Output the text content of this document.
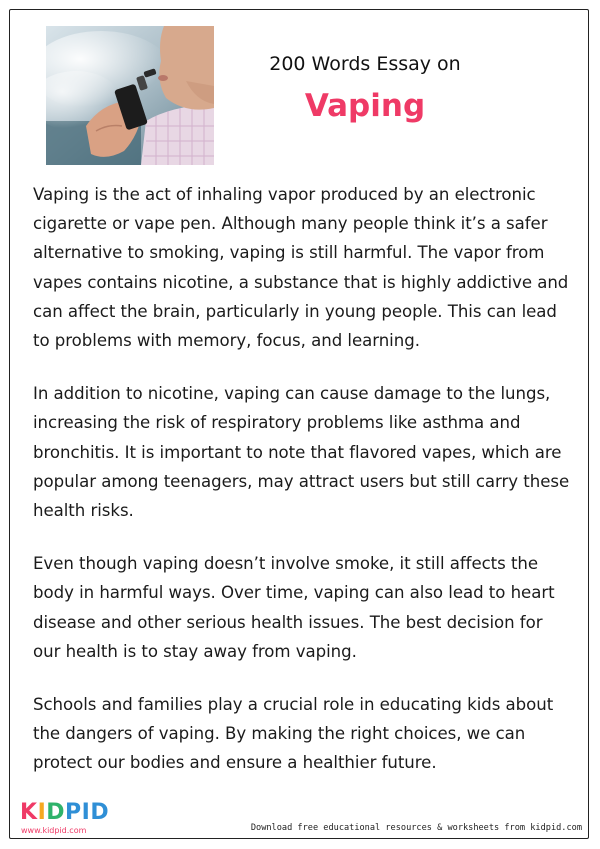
200 Words Essay on
Vaping

Vaping is the act of inhaling vapor produced by an electronic cigarette or vape pen. Although many people think it’s a safer alternative to smoking, vaping is still harmful. The vapor from vapes contains nicotine, a substance that is highly addictive and can affect the brain, particularly in young people. This can lead to problems with memory, focus, and learning.

In addition to nicotine, vaping can cause damage to the lungs, increasing the risk of respiratory problems like asthma and bronchitis. It is important to note that flavored vapes, which are popular among teenagers, may attract users but still carry these health risks.

Even though vaping doesn’t involve smoke, it still affects the body in harmful ways. Over time, vaping can also lead to heart disease and other serious health issues. The best decision for our health is to stay away from vaping.

Schools and families play a crucial role in educating kids about the dangers of vaping. By making the right choices, we can protect our bodies and ensure a healthier future.

KIDPID
www.kidpid.com	Download free educational resources & worksheets from kidpid.com
